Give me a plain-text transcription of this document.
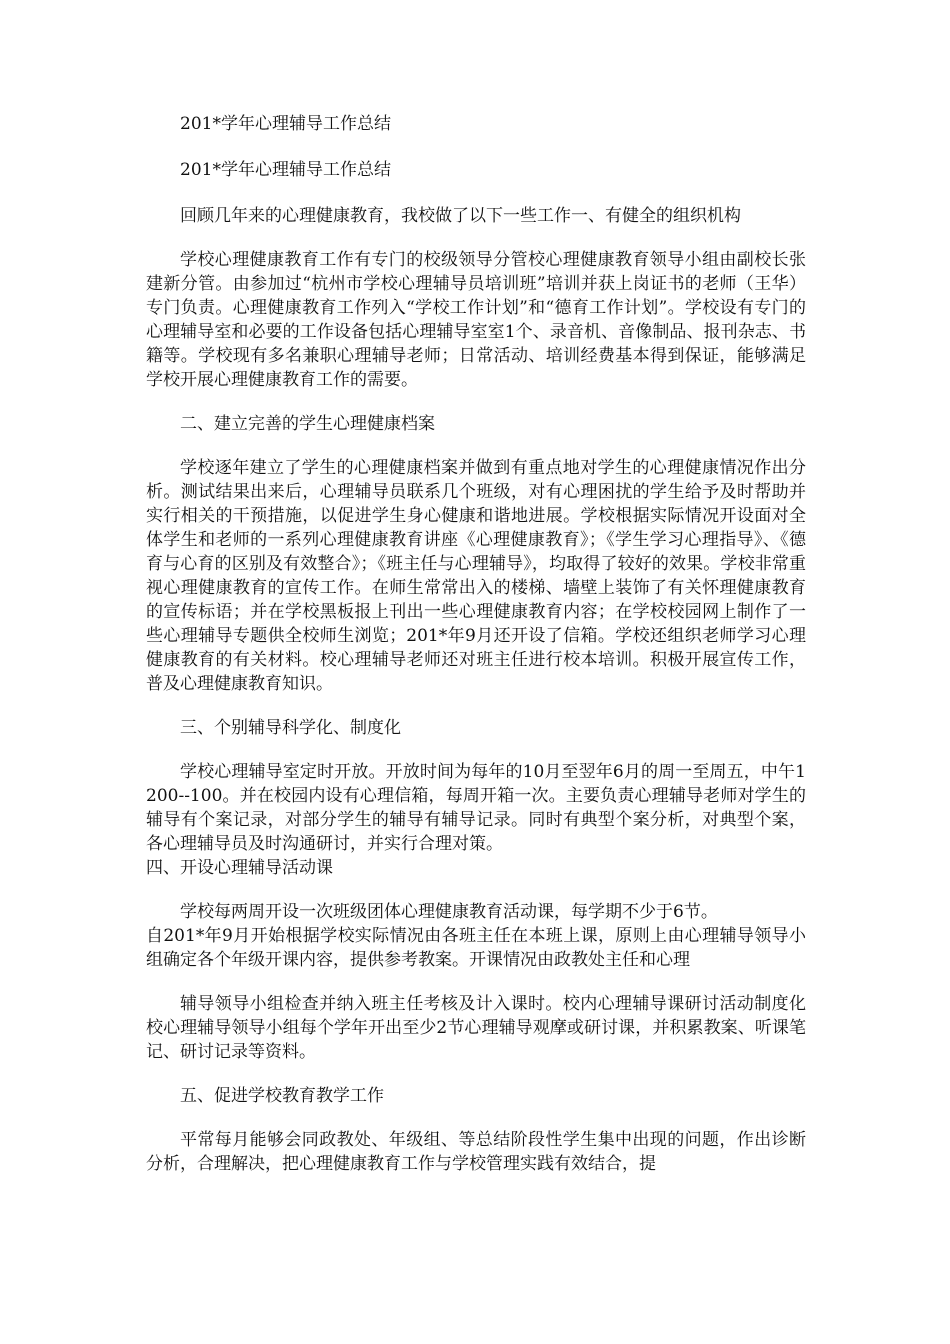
201*学年心理辅导工作总结

201*学年心理辅导工作总结

回顾几年来的心理健康教育，我校做了以下一些工作一、有健全的组织机构

学校心理健康教育工作有专门的校级领导分管校心理健康教育领导小组由副校长张建新分管。由参加过“杭州市学校心理辅导员培训班”培训并获上岗证书的老师（王华）专门负责。心理健康教育工作列入“学校工作计划”和“德育工作计划”。学校设有专门的心理辅导室和必要的工作设备包括心理辅导室室1个、录音机、音像制品、报刊杂志、书籍等。学校现有多名兼职心理辅导老师；日常活动、培训经费基本得到保证，能够满足学校开展心理健康教育工作的需要。

二、建立完善的学生心理健康档案

学校逐年建立了学生的心理健康档案并做到有重点地对学生的心理健康情况作出分析。测试结果出来后，心理辅导员联系几个班级，对有心理困扰的学生给予及时帮助并实行相关的干预措施，以促进学生身心健康和谐地进展。学校根据实际情况开设面对全体学生和老师的一系列心理健康教育讲座《心理健康教育》；《学生学习心理指导》、《德育与心育的区别及有效整合》；《班主任与心理辅导》，均取得了较好的效果。学校非常重视心理健康教育的宣传工作。在师生常常出入的楼梯、墙壁上装饰了有关怀理健康教育的宣传标语；并在学校黑板报上刊出一些心理健康教育内容；在学校校园网上制作了一些心理辅导专题供全校师生浏览；201*年9月还开设了信箱。学校还组织老师学习心理健康教育的有关材料。校心理辅导老师还对班主任进行校本培训。积极开展宣传工作，普及心理健康教育知识。

三、个别辅导科学化、制度化

学校心理辅导室定时开放。开放时间为每年的10月至翌年6月的周一至周五，中午1200--100。并在校园内设有心理信箱，每周开箱一次。主要负责心理辅导老师对学生的辅导有个案记录，对部分学生的辅导有辅导记录。同时有典型个案分析，对典型个案，各心理辅导员及时沟通研讨，并实行合理对策。

四、开设心理辅导活动课

学校每两周开设一次班级团体心理健康教育活动课，每学期不少于6节。

自201*年9月开始根据学校实际情况由各班主任在本班上课，原则上由心理辅导领导小组确定各个年级开课内容，提供参考教案。开课情况由政教处主任和心理

辅导领导小组检查并纳入班主任考核及计入课时。校内心理辅导课研讨活动制度化校心理辅导领导小组每个学年开出至少2节心理辅导观摩或研讨课，并积累教案、听课笔记、研讨记录等资料。

五、促进学校教育教学工作

平常每月能够会同政教处、年级组、等总结阶段性学生集中出现的问题，作出诊断分析，合理解决，把心理健康教育工作与学校管理实践有效结合，提
